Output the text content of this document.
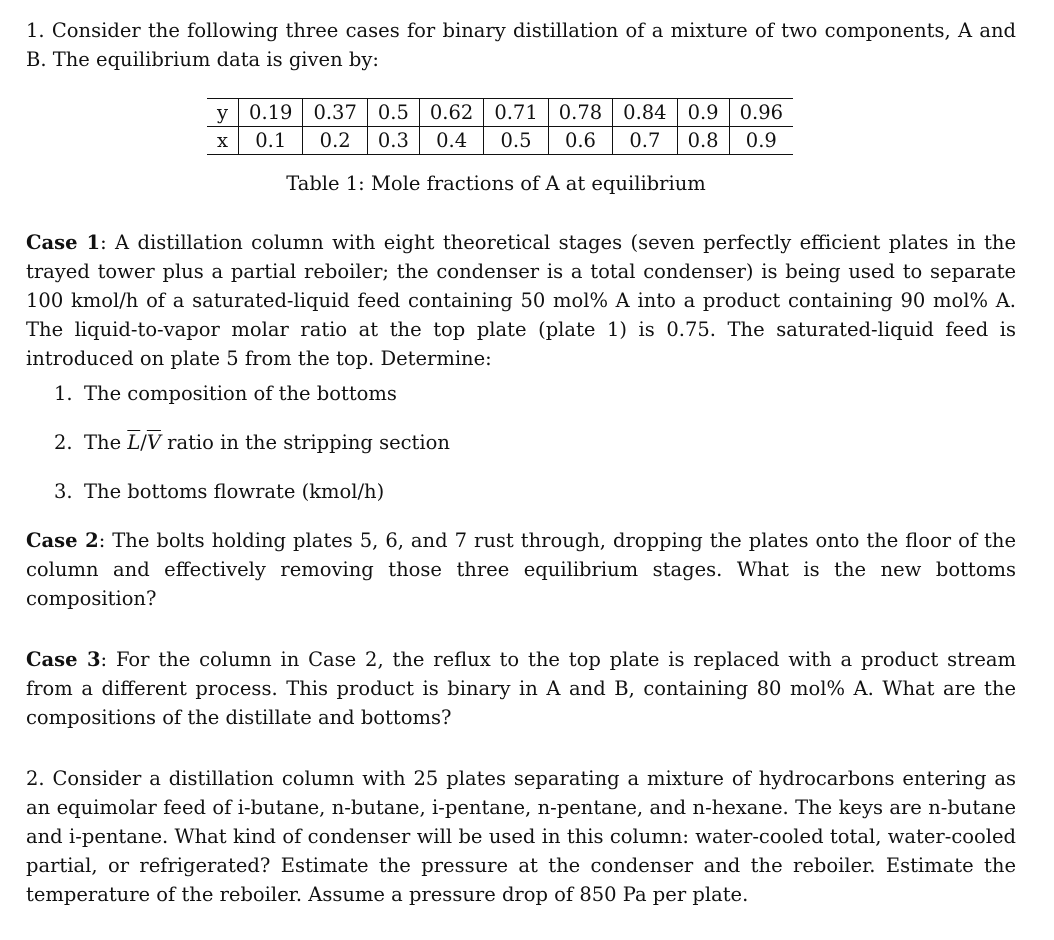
1. Consider the following three cases for binary distillation of a mixture of two components, A and B. The equilibrium data is given by:

y	0.19	0.37	0.5	0.62	0.71	0.78	0.84	0.9	0.96
x	0.1	0.2	0.3	0.4	0.5	0.6	0.7	0.8	0.9
Table 1: Mole fractions of A at equilibrium

Case 1: A distillation column with eight theoretical stages (seven perfectly efficient plates in the trayed tower plus a partial reboiler; the condenser is a total condenser) is being used to separate 100 kmol/h of a saturated-liquid feed containing 50 mol% A into a product containing 90 mol% A. The liquid-to-vapor molar ratio at the top plate (plate 1) is 0.75. The saturated-liquid feed is introduced on plate 5 from the top. Determine:

1. The composition of the bottoms
2. The $\overline{L}/\overline{V}$ ratio in the stripping section
3. The bottoms flowrate (kmol/h)

Case 2: The bolts holding plates 5, 6, and 7 rust through, dropping the plates onto the floor of the column and effectively removing those three equilibrium stages. What is the new bottoms composition?

Case 3: For the column in Case 2, the reflux to the top plate is replaced with a product stream from a different process. This product is binary in A and B, containing 80 mol% A. What are the compositions of the distillate and bottoms?

2. Consider a distillation column with 25 plates separating a mixture of hydrocarbons entering as an equimolar feed of i-butane, n-butane, i-pentane, n-pentane, and n-hexane. The keys are n-butane and i-pentane. What kind of condenser will be used in this column: water-cooled total, water-cooled partial, or refrigerated? Estimate the pressure at the condenser and the reboiler. Estimate the temperature of the reboiler. Assume a pressure drop of 850 Pa per plate.
